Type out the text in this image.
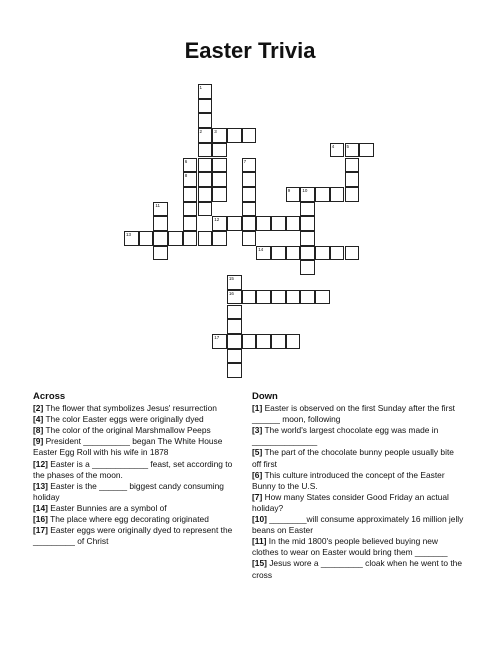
Easter Trivia
2	3
4	5
8
9	10
12
13
14
16
17
1
6	7
11
15
Across
[2] The flower that symbolizes Jesus' resurrection
[4] The color Easter eggs were originally dyed
[8] The color of the original Marshmallow Peeps
[9] President __________ began The White House Easter Egg Roll with his wife in 1878
[12] Easter is a ____________ feast, set according to the phases of the moon.
[13] Easter is the ______ biggest candy consuming holiday
[14] Easter Bunnies are a symbol of
[16] The place where egg decorating originated
[17] Easter eggs were originally dyed to represent the _________ of Christ
Down
[1] Easter is observed on the first Sunday after the first ______ moon, following
[3] The world's largest chocolate egg was made in ______________
[5] The part of the chocolate bunny people usually bite off first
[6] This culture introduced the concept of the Easter Bunny to the U.S.
[7] How many States consider Good Friday an actual holiday?
[10] ________will consume approximately 16 million jelly beans on Easter
[11] In the mid 1800's people believed buying new clothes to wear on Easter would bring them _______
[15] Jesus wore a _________ cloak when he went to the cross
